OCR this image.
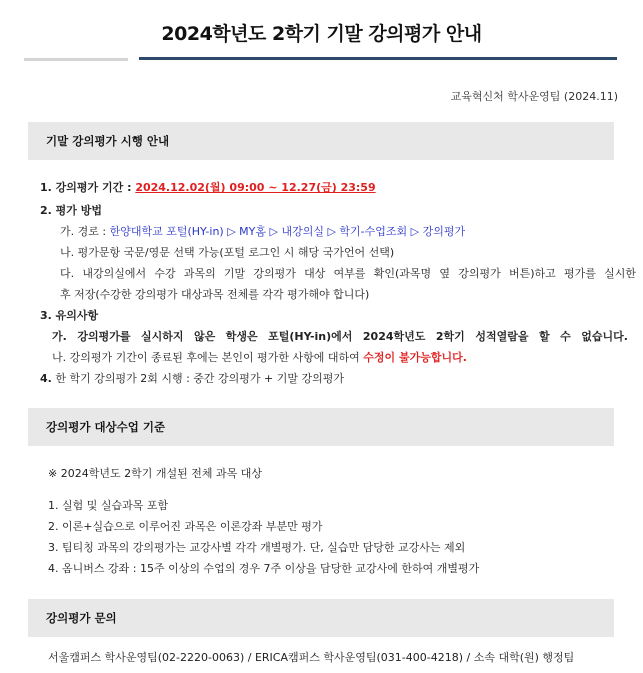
2024학년도 2학기 기말 강의평가 안내
교육혁신처 학사운영팀 (2024.11)
기말 강의평가 시행 안내
1. 강의평가 기간 : 2024.12.02(월) 09:00 ~ 12.27(금) 23:59
2. 평가 방법
가. 경로 : 한양대학교 포털(HY-in) ▷ MY홈 ▷ 내강의실 ▷ 학기-수업조회 ▷ 강의평가
나. 평가문항 국문/영문 선택 가능(포털 로그인 시 해당 국가언어 선택)
다. 내강의실에서 수강 과목의 기말 강의평가 대상 여부를 확인(과목명 옆 강의평가 버튼)하고 평가를 실시한
후 저장(수강한 강의평가 대상과목 전체를 각각 평가해야 합니다)
3. 유의사항
가. 강의평가를 실시하지 않은 학생은 포털(HY-in)에서 2024학년도 2학기 성적열람을 할 수 없습니다.
나. 강의평가 기간이 종료된 후에는 본인이 평가한 사항에 대하여 수정이 불가능합니다.
4. 한 학기 강의평가 2회 시행 : 중간 강의평가 + 기말 강의평가
강의평가 대상수업 기준
※ 2024학년도 2학기 개설된 전체 과목 대상
1. 실험 및 실습과목 포함
2. 이론+실습으로 이루어진 과목은 이론강좌 부분만 평가
3. 팀티칭 과목의 강의평가는 교강사별 각각 개별평가. 단, 실습만 담당한 교강사는 제외
4. 옴니버스 강좌 : 15주 이상의 수업의 경우 7주 이상을 담당한 교강사에 한하여 개별평가
강의평가 문의
서울캠퍼스 학사운영팀(02-2220-0063) / ERICA캠퍼스 학사운영팀(031-400-4218) / 소속 대학(원) 행정팀
